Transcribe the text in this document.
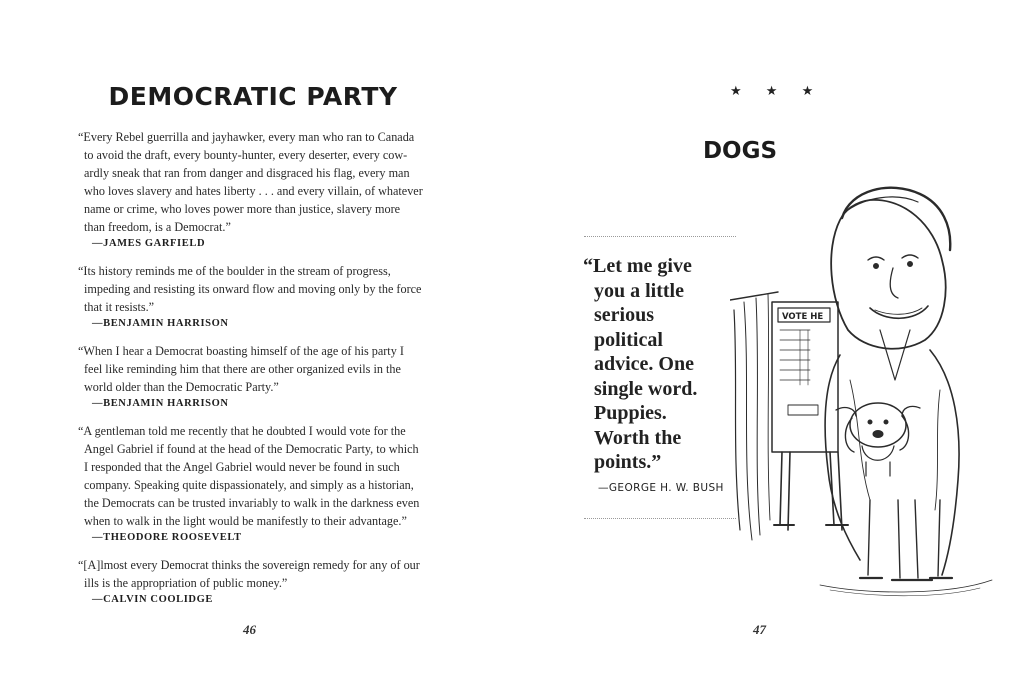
DEMOCRATIC PARTY
“Every Rebel guerrilla and jayhawker, every man who ran to Canada
to avoid the draft, every bounty-hunter, every deserter, every cow-
ardly sneak that ran from danger and disgraced his flag, every man
who loves slavery and hates liberty . . . and every villain, of whatever
name or crime, who loves power more than justice, slavery more
than freedom, is a Democrat.”
—JAMES GARFIELD
“Its history reminds me of the boulder in the stream of progress,
impeding and resisting its onward flow and moving only by the force
that it resists.”
—BENJAMIN HARRISON
“When I hear a Democrat boasting himself of the age of his party I
feel like reminding him that there are other organized evils in the
world older than the Democratic Party.”
—BENJAMIN HARRISON
“A gentleman told me recently that he doubted I would vote for the
Angel Gabriel if found at the head of the Democratic Party, to which
I responded that the Angel Gabriel would never be found in such
company. Speaking quite dispassionately, and simply as a historian,
the Democrats can be trusted invariably to walk in the darkness even
when to walk in the light would be manifestly to their advantage.”
—THEODORE ROOSEVELT
“[A]lmost every Democrat thinks the sovereign remedy for any of our
ills is the appropriation of public money.”
—CALVIN COOLIDGE
46
★ ★ ★
DOGS
“Let me give
you a little
serious
political
advice. One
single word.
Puppies.
Worth the
points.”
—GEORGE H. W. BUSH
VOTE HE
47
